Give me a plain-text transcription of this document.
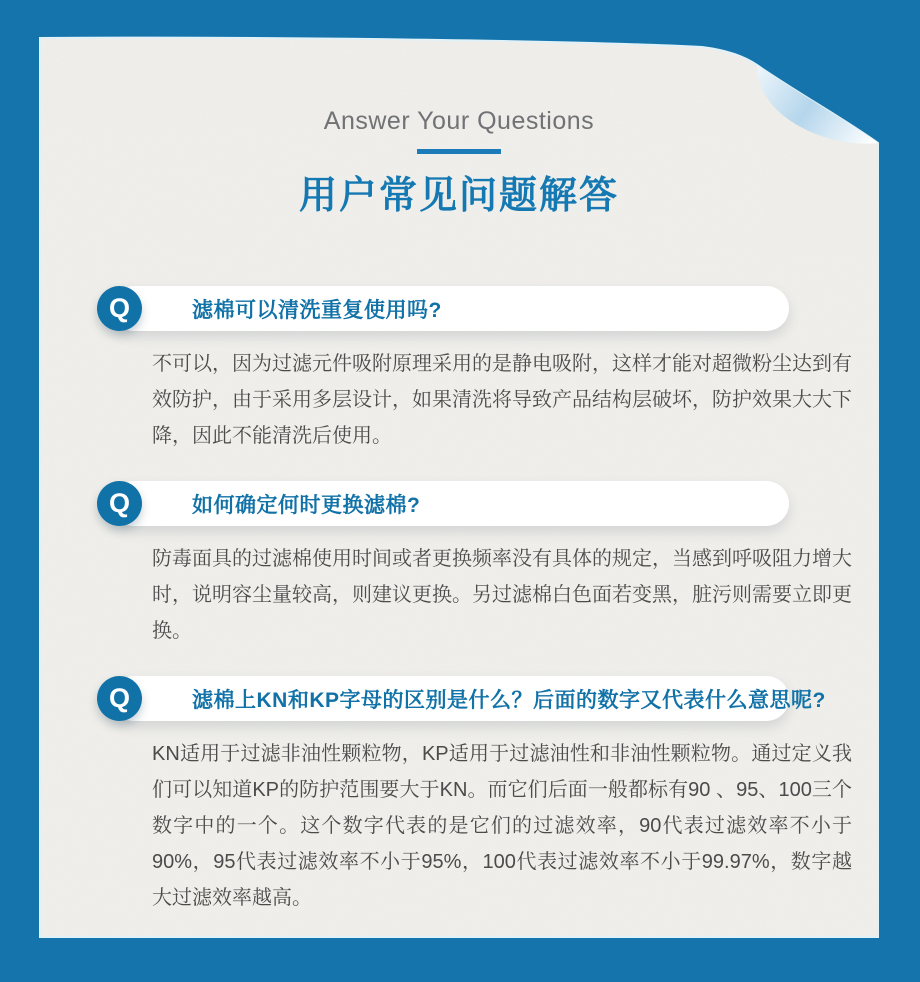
Answer Your Questions
用户常见问题解答
滤棉可以清洗重复使用吗?
Q

不可以，因为过滤元件吸附原理采用的是静电吸附，这样才能对超微粉尘达到有效防护，由于采用多层设计，如果清洗将导致产品结构层破坏，防护效果大大下降，因此不能清洗后使用。

如何确定何时更换滤棉?
Q

防毒面具的过滤棉使用时间或者更换频率没有具体的规定，当感到呼吸阻力增大时，说明容尘量较高，则建议更换。另过滤棉白色面若变黑，脏污则需要立即更换。

滤棉上KN和KP字母的区别是什么？后面的数字又代表什么意思呢?
Q

KN适用于过滤非油性颗粒物，KP适用于过滤油性和非油性颗粒物。通过定义我们可以知道KP的防护范围要大于KN。而它们后面一般都标有90 、95、100三个数字中的一个。这个数字代表的是它们的过滤效率，90代表过滤效率不小于90%，95代表过滤效率不小于95%，100代表过滤效率不小于99.97%，数字越大过滤效率越高。
